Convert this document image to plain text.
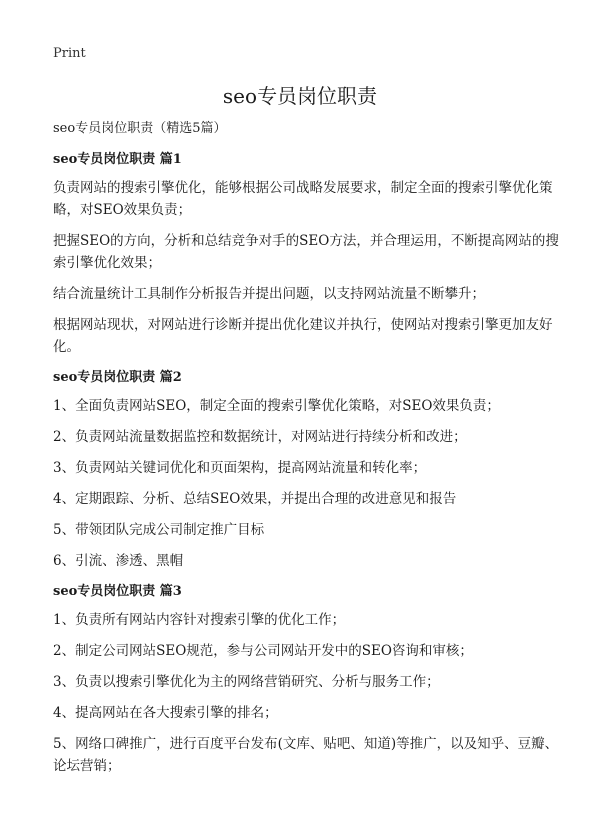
Print
seo专员岗位职责

seo专员岗位职责（精选5篇）

seo专员岗位职责 篇1

负责网站的搜索引擎优化，能够根据公司战略发展要求，制定全面的搜索引擎优化策略，对SEO效果负责；

把握SEO的方向，分析和总结竞争对手的SEO方法，并合理运用，不断提高网站的搜索引擎优化效果；

结合流量统计工具制作分析报告并提出问题，以支持网站流量不断攀升；

根据网站现状，对网站进行诊断并提出优化建议并执行，使网站对搜索引擎更加友好化。

seo专员岗位职责 篇2

1、全面负责网站SEO，制定全面的搜索引擎优化策略，对SEO效果负责；

2、负责网站流量数据监控和数据统计，对网站进行持续分析和改进；

3、负责网站关键词优化和页面架构，提高网站流量和转化率；

4、定期跟踪、分析、总结SEO效果，并提出合理的改进意见和报告

5、带领团队完成公司制定推广目标

6、引流、渗透、黑帽

seo专员岗位职责 篇3

1、负责所有网站内容针对搜索引擎的优化工作；

2、制定公司网站SEO规范，参与公司网站开发中的SEO咨询和审核；

3、负责以搜索引擎优化为主的网络营销研究、分析与服务工作；

4、提高网站在各大搜索引擎的排名；

5、网络口碑推广，进行百度平台发布(文库、贴吧、知道)等推广，以及知乎、豆瓣、论坛营销；
